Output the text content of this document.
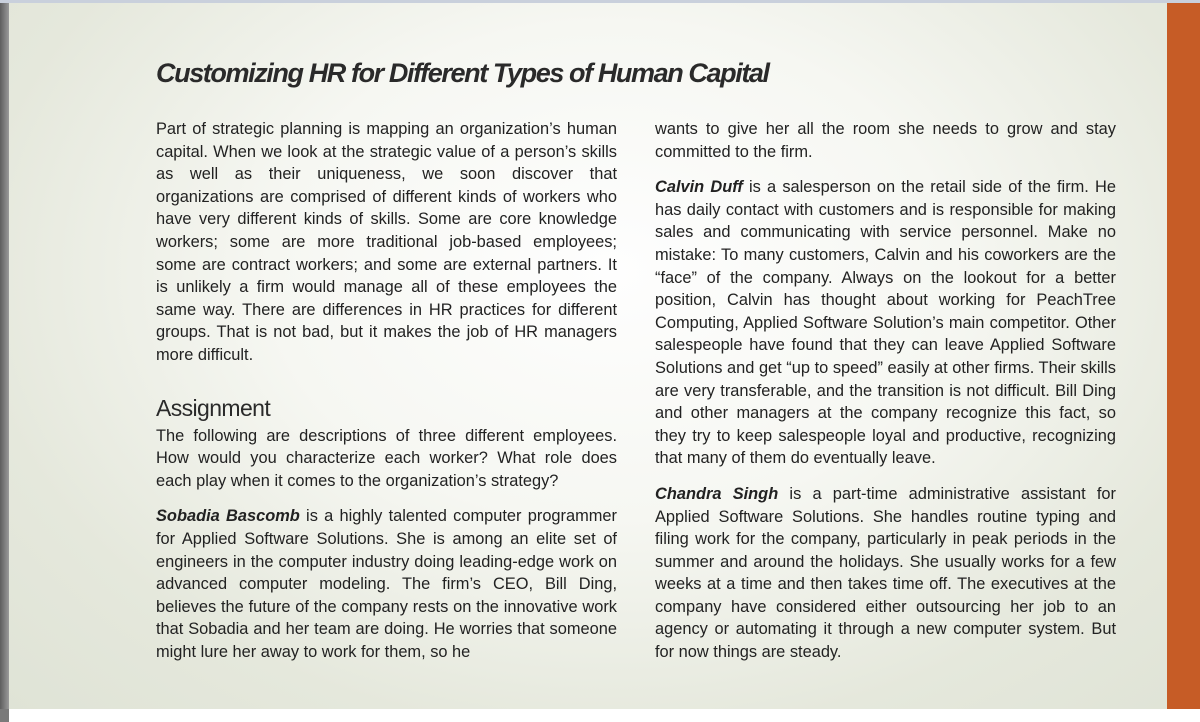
Customizing HR for Different Types of Human Capital

Part of strategic planning is mapping an organization’s human capital. When we look at the strategic value of a person’s skills as well as their uniqueness, we soon discover that organizations are comprised of different kinds of workers who have very different kinds of skills. Some are core knowledge workers; some are more traditional job-based employees; some are contract workers; and some are external partners. It is unlikely a firm would manage all of these employees the same way. There are differences in HR practices for different groups. That is not bad, but it makes the job of HR managers more difficult.

Assignment

The following are descriptions of three different employees. How would you characterize each worker? What role does each play when it comes to the organization’s strategy?

Sobadia Bascomb is a highly talented computer programmer for Applied Software Solutions. She is among an elite set of engineers in the computer industry doing leading-edge work on advanced computer modeling. The firm’s CEO, Bill Ding, believes the future of the company rests on the innovative work that Sobadia and her team are doing. He worries that someone might lure her away to work for them, so he

wants to give her all the room she needs to grow and stay committed to the firm.

Calvin Duff is a salesperson on the retail side of the firm. He has daily contact with customers and is responsible for making sales and communicating with service personnel. Make no mistake: To many customers, Calvin and his coworkers are the “face” of the company. Always on the lookout for a better position, Calvin has thought about working for PeachTree Computing, Applied Software Solution’s main competitor. Other salespeople have found that they can leave Applied Software Solutions and get “up to speed” easily at other firms. Their skills are very transferable, and the transition is not difficult. Bill Ding and other managers at the company recognize this fact, so they try to keep salespeople loyal and productive, recognizing that many of them do eventually leave.

Chandra Singh is a part-time administrative assistant for Applied Software Solutions. She handles routine typing and filing work for the company, particularly in peak periods in the summer and around the holidays. She usually works for a few weeks at a time and then takes time off. The executives at the company have considered either outsourcing her job to an agency or automating it through a new computer system. But for now things are steady.
